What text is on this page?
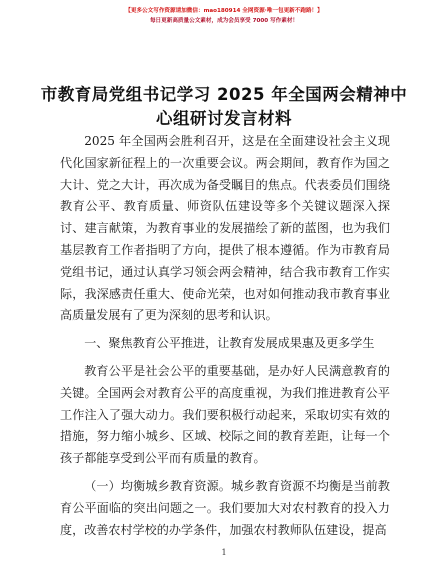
【更多公文写作资源请加微信：mao180914 全网资源·唯一包更新不跑路！】
每日更新高质量公文素材，成为会员享受 7000 写作素材！
市教育局党组书记学习 2025 年全国两会精神中心组研讨发言材料

2025 年全国两会胜利召开，这是在全面建设社会主义现代化国家新征程上的一次重要会议。两会期间，教育作为国之大计、党之大计，再次成为备受瞩目的焦点。代表委员们围绕教育公平、教育质量、师资队伍建设等多个关键议题深入探讨、建言献策，为教育事业的发展描绘了新的蓝图，也为我们基层教育工作者指明了方向，提供了根本遵循。作为市教育局党组书记，通过认真学习领会两会精神，结合我市教育工作实际，我深感责任重大、使命光荣，也对如何推动我市教育事业高质量发展有了更为深刻的思考和认识。

一、聚焦教育公平推进，让教育发展成果惠及更多学生

教育公平是社会公平的重要基础，是办好人民满意教育的关键。全国两会对教育公平的高度重视，为我们推进教育公平工作注入了强大动力。我们要积极行动起来，采取切实有效的措施，努力缩小城乡、区域、校际之间的教育差距，让每一个孩子都能享受到公平而有质量的教育。

（一）均衡城乡教育资源。城乡教育资源不均衡是当前教育公平面临的突出问题之一。我们要加大对农村教育的投入力度，改善农村学校的办学条件，加强农村教师队伍建设，提高

1
